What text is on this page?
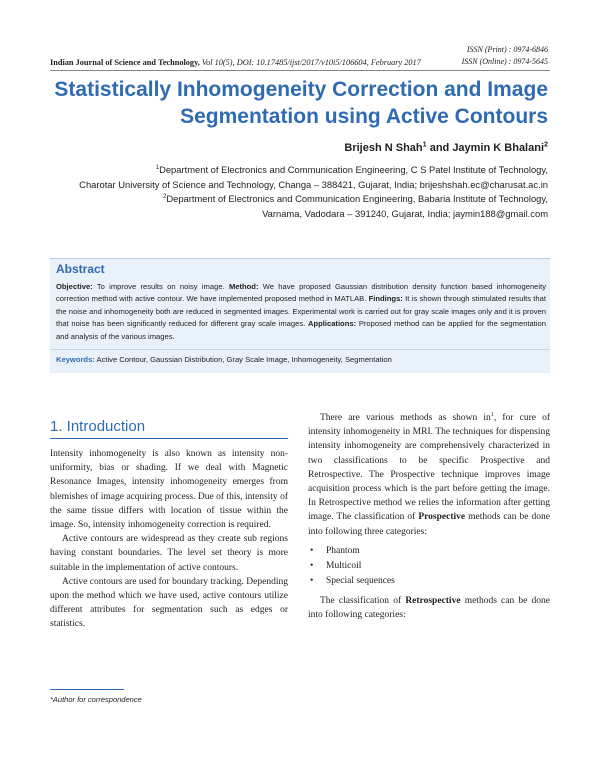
ISSN (Print) : 0974-6846
ISSN (Online) : 0974-5645
Indian Journal of Science and Technology, Vol 10(5), DOI: 10.17485/ijst/2017/v10i5/106604, February 2017
Statistically Inhomogeneity Correction and Image
Segmentation using Active Contours
Brijesh N Shah$^1$ and Jaymin K Bhalani$^2$
$^1$Department of Electronics and Communication Engineering, C S Patel Institute of Technology,
Charotar University of Science and Technology, Changa – 388421, Gujarat, India; brijeshshah.ec@charusat.ac.in
$^2$Department of Electronics and Communication Engineering, Babaria Institute of Technology,
Varnama, Vadodara – 391240, Gujarat, India; jaymin188@gmail.com
Abstract
Objective: To improve results on noisy image. Method: We have proposed Gaussian distribution density function based inhomogeneity correction method with active contour. We have implemented proposed method in MATLAB. Findings: It is shown through stimulated results that the noise and inhomogeneity both are reduced in segmented images. Experimental work is carried out for gray scale images only and it is proven that noise has been significantly reduced for different gray scale images. Applications: Proposed method can be applied for the segmentation and analysis of the various images.
Keywords: Active Contour, Gaussian Distribution, Gray Scale Image, Inhomogeneity, Segmentation
1. Introduction

Intensity inhomogeneity is also known as intensity non-uniformity, bias or shading. If we deal with Magnetic Resonance Images, intensity inhomogeneity emerges from blemishes of image acquiring process. Due of this, intensity of the same tissue differs with location of tissue within the image. So, intensity inhomogeneity correction is required.

Active contours are widespread as they create sub regions having constant boundaries. The level set theory is more suitable in the implementation of active contours.

Active contours are used for boundary tracking. Depending upon the method which we have used, active contours utilize different attributes for segmentation such as edges or statistics.

There are various methods as shown $in^1$, for cure of intensity inhomogeneity in MRI. The techniques for dispensing intensity inhomogeneity are comprehensively characterized in two classifications to be specific Prospective and Retrospective. The Prospective technique improves image acquisition process which is the part before getting the image. In Retrospective method we relies the information after getting image. The classification of Prospective methods can be done into following three categories:

• Phantom
• Multicoil
• Special sequences

The classification of Retrospective methods can be done into following categories:

*Author for correspondence
